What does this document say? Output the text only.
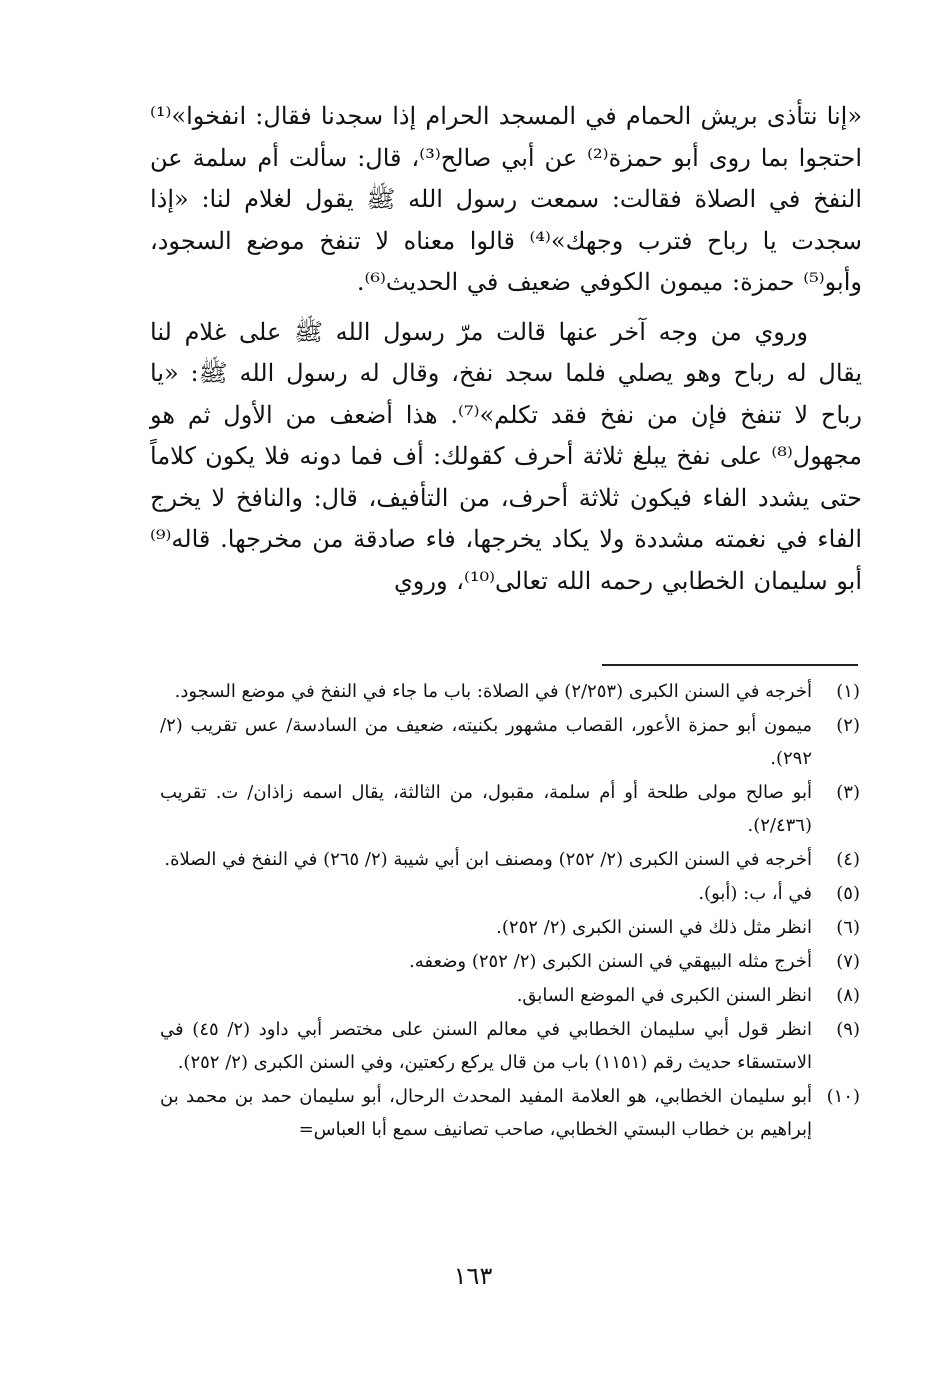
«إنا نتأذى بريش الحمام في المسجد الحرام إذا سجدنا فقال: انفخوا»⁽¹⁾ احتجوا بما روى أبو حمزة⁽²⁾ عن أبي صالح⁽³⁾، قال: سألت أم سلمة عن النفخ في الصلاة فقالت: سمعت رسول الله ﷺ يقول لغلام لنا: «إذا سجدت يا رباح فترب وجهك»⁽⁴⁾ قالوا معناه لا تنفخ موضع السجود، وأبو⁽⁵⁾ حمزة: ميمون الكوفي ضعيف في الحديث⁽⁶⁾.

وروي من وجه آخر عنها قالت مرّ رسول الله ﷺ على غلام لنا يقال له رباح وهو يصلي فلما سجد نفخ، وقال له رسول الله ﷺ: «يا رباح لا تنفخ فإن من نفخ فقد تكلم»⁽⁷⁾. هذا أضعف من الأول ثم هو مجهول⁽⁸⁾ على نفخ يبلغ ثلاثة أحرف كقولك: أف فما دونه فلا يكون كلاماً حتى يشدد الفاء فيكون ثلاثة أحرف، من التأفيف، قال: والنافخ لا يخرج الفاء في نغمته مشددة ولا يكاد يخرجها، فاء صادقة من مخرجها. قاله⁽⁹⁾ أبو سليمان الخطابي رحمه الله تعالى⁽¹⁰⁾، وروي

(١)
أخرجه في السنن الكبرى (٢/٢٥٣) في الصلاة: باب ما جاء في النفخ في موضع السجود.
(٢)
ميمون أبو حمزة الأعور، القصاب مشهور بكنيته، ضعيف من السادسة/ عس تقريب (٢/ ٢٩٢).
(٣)
أبو صالح مولى طلحة أو أم سلمة، مقبول، من الثالثة، يقال اسمه زاذان/ ت. تقريب (٢/٤٣٦).
(٤)
أخرجه في السنن الكبرى (٢/ ٢٥٢) ومصنف ابن أبي شيبة (٢/ ٢٦٥) في النفخ في الصلاة.
(٥)
في أ، ب: (أبو).
(٦)
انظر مثل ذلك في السنن الكبرى (٢/ ٢٥٢).
(٧)
أخرج مثله البيهقي في السنن الكبرى (٢/ ٢٥٢) وضعفه.
(٨)
انظر السنن الكبرى في الموضع السابق.
(٩)
انظر قول أبي سليمان الخطابي في معالم السنن على مختصر أبي داود (٢/ ٤٥) في الاستسقاء حديث رقم (١١٥١) باب من قال يركع ركعتين، وفي السنن الكبرى (٢/ ٢٥٢).
(١٠)
أبو سليمان الخطابي، هو العلامة المفيد المحدث الرحال، أبو سليمان حمد بن محمد بن إبراهيم بن خطاب البستي الخطابي، صاحب تصانيف سمع أبا العباس=
١٦٣
